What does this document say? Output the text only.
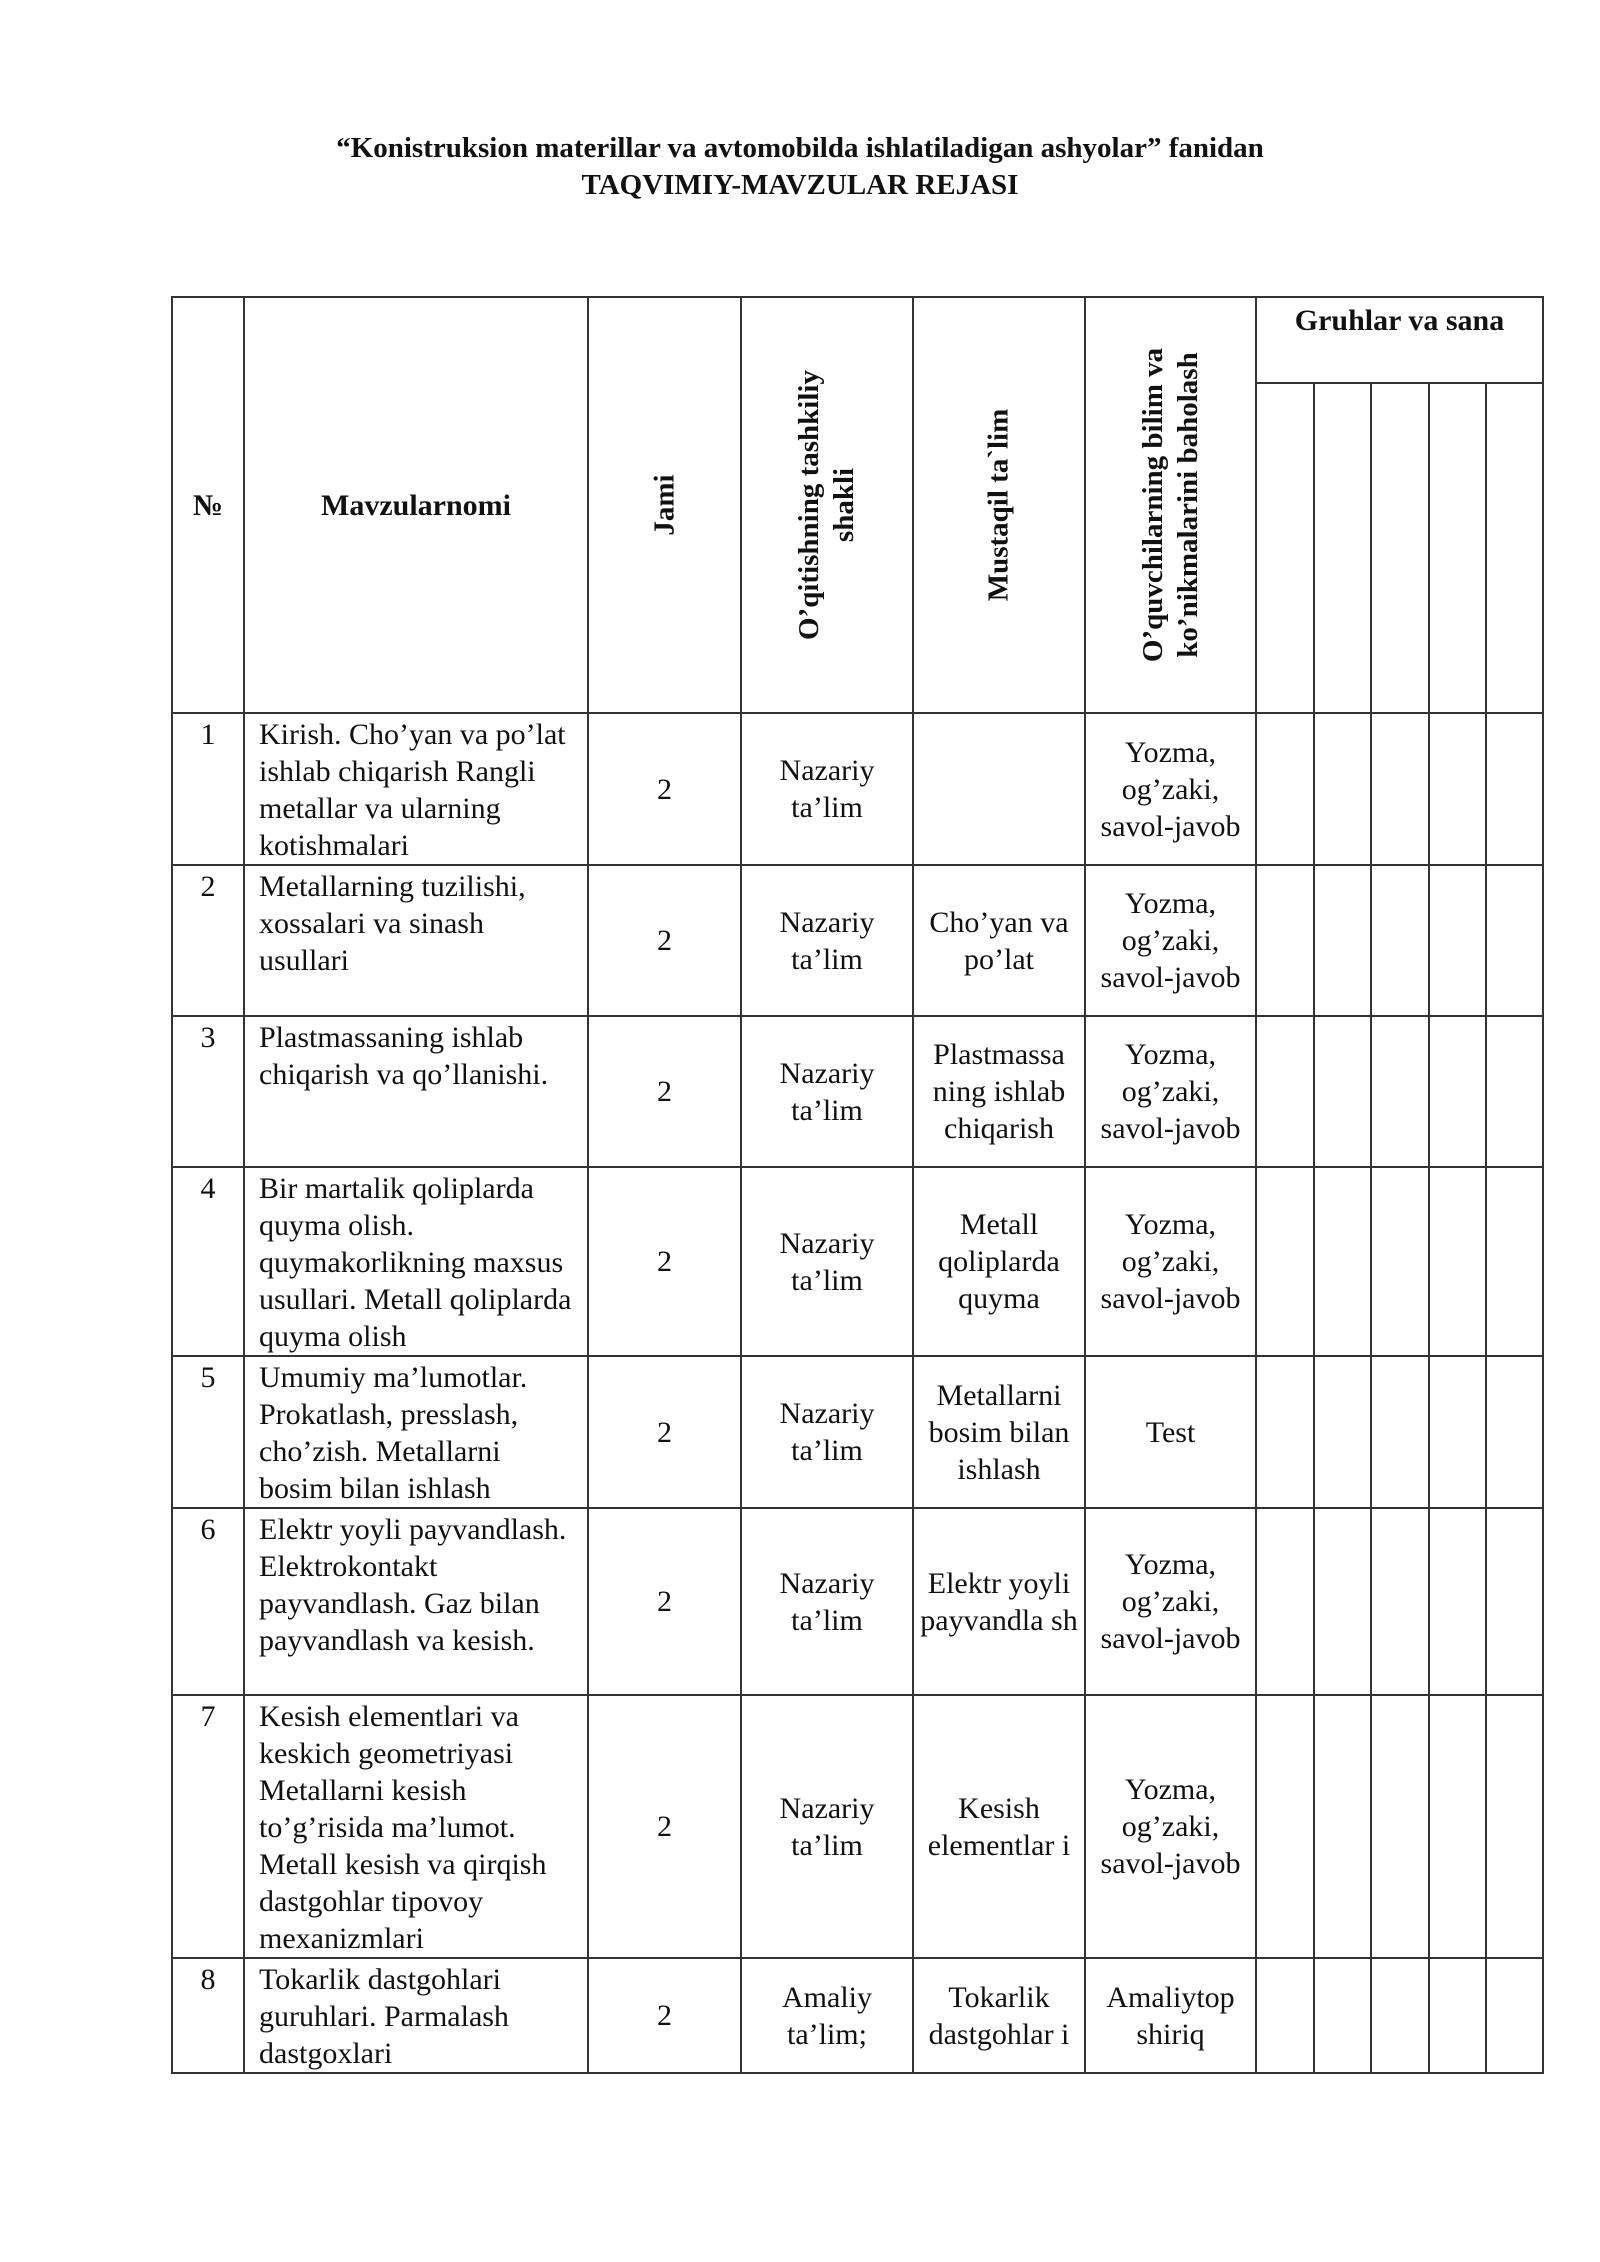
“Konistruksion materillar va avtomobilda ishlatiladigan ashyolar” fanidan
TAQVIMIY-MAVZULAR REJASI
№	Mavzularnomi	Jami	O’qitishning tashkiliy shakli	Mustaqil ta`lim	O’quvchilarning bilim va ko’nikmalarini baholash	Gruhlar va sana				

1	Kirish. Cho’yan va po’lat ishlab chiqarish Rangli metallar va ularning kotishmalari	2	Nazariy ta’lim		Yozma, og’zaki, savol-javob					
2	Metallarning tuzilishi, xossalari va sinash usullari	2	Nazariy ta’lim	Cho’yan va po’lat	Yozma, og’zaki, savol-javob					
3	Plastmassaning ishlab chiqarish va qo’llanishi.	2	Nazariy ta’lim	Plastmassa ning ishlab chiqarish	Yozma, og’zaki, savol-javob					
4	Bir martalik qoliplarda quyma olish. quymakorlikning maxsus usullari. Metall qoliplarda quyma olish	2	Nazariy ta’lim	Metall qoliplarda quyma	Yozma, og’zaki, savol-javob					
5	Umumiy ma’lumotlar. Prokatlash, presslash, cho’zish. Metallarni bosim bilan ishlash	2	Nazariy ta’lim	Metallarni bosim bilan ishlash	Test					
6	Elektr yoyli payvandlash. Elektrokontakt payvandlash. Gaz bilan payvandlash va kesish.	2	Nazariy ta’lim	Elektr yoyli payvandla sh	Yozma, og’zaki, savol-javob					
7	Kesish elementlari va keskich geometriyasi Metallarni kesish to’g’risida ma’lumot. Metall kesish va qirqish dastgohlar tipovoy mexanizmlari	2	Nazariy ta’lim	Kesish elementlar i	Yozma, og’zaki, savol-javob					
8	Tokarlik dastgohlari guruhlari. Parmalash dastgoxlari	2	Amaliy ta’lim;	Tokarlik dastgohlar i	Amaliytop shiriq					
